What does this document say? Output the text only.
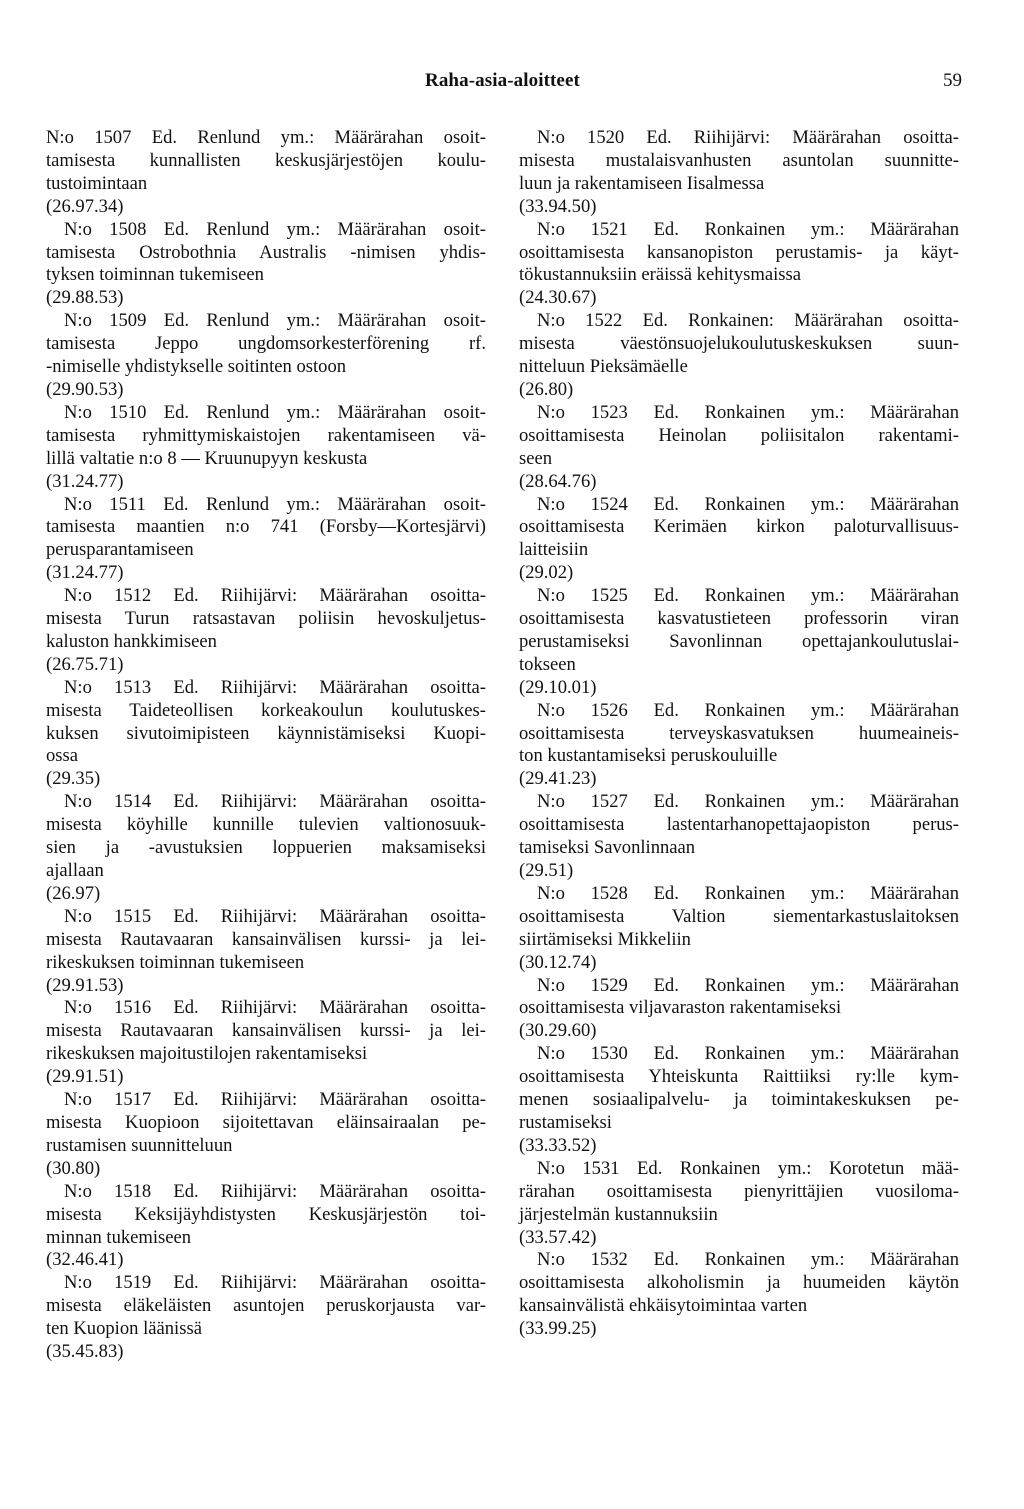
Raha-asia-aloitteet	59
N:o 1507 Ed. Renlund ym.: Määrärahan osoit-
tamisesta kunnallisten keskusjärjestöjen koulu-
tustoimintaan
(26.97.34)
N:o 1508 Ed. Renlund ym.: Määrärahan osoit-
tamisesta Ostrobothnia Australis -nimisen yhdis-
tyksen toiminnan tukemiseen
(29.88.53)
N:o 1509 Ed. Renlund ym.: Määrärahan osoit-
tamisesta Jeppo ungdomsorkesterförening rf.
-nimiselle yhdistykselle soitinten ostoon
(29.90.53)
N:o 1510 Ed. Renlund ym.: Määrärahan osoit-
tamisesta ryhmittymiskaistojen rakentamiseen vä-
lillä valtatie n:o 8 — Kruunupyyn keskusta
(31.24.77)
N:o 1511 Ed. Renlund ym.: Määrärahan osoit-
tamisesta maantien n:o 741 (Forsby—Kortesjärvi)
perusparantamiseen
(31.24.77)
N:o 1512 Ed. Riihijärvi: Määrärahan osoitta-
misesta Turun ratsastavan poliisin hevoskuljetus-
kaluston hankkimiseen
(26.75.71)
N:o 1513 Ed. Riihijärvi: Määrärahan osoitta-
misesta Taideteollisen korkeakoulun koulutuskes-
kuksen sivutoimipisteen käynnistämiseksi Kuopi-
ossa
(29.35)
N:o 1514 Ed. Riihijärvi: Määrärahan osoitta-
misesta köyhille kunnille tulevien valtionosuuk-
sien ja -avustuksien loppuerien maksamiseksi
ajallaan
(26.97)
N:o 1515 Ed. Riihijärvi: Määrärahan osoitta-
misesta Rautavaaran kansainvälisen kurssi- ja lei-
rikeskuksen toiminnan tukemiseen
(29.91.53)
N:o 1516 Ed. Riihijärvi: Määrärahan osoitta-
misesta Rautavaaran kansainvälisen kurssi- ja lei-
rikeskuksen majoitustilojen rakentamiseksi
(29.91.51)
N:o 1517 Ed. Riihijärvi: Määrärahan osoitta-
misesta Kuopioon sijoitettavan eläinsairaalan pe-
rustamisen suunnitteluun
(30.80)
N:o 1518 Ed. Riihijärvi: Määrärahan osoitta-
misesta Keksijäyhdistysten Keskusjärjestön toi-
minnan tukemiseen
(32.46.41)
N:o 1519 Ed. Riihijärvi: Määrärahan osoitta-
misesta eläkeläisten asuntojen peruskorjausta var-
ten Kuopion läänissä
(35.45.83)
N:o 1520 Ed. Riihijärvi: Määrärahan osoitta-
misesta mustalaisvanhusten asuntolan suunnitte-
luun ja rakentamiseen Iisalmessa
(33.94.50)
N:o 1521 Ed. Ronkainen ym.: Määrärahan
osoittamisesta kansanopiston perustamis- ja käyt-
tökustannuksiin eräissä kehitysmaissa
(24.30.67)
N:o 1522 Ed. Ronkainen: Määrärahan osoitta-
misesta väestönsuojelukoulutuskeskuksen suun-
nitteluun Pieksämäelle
(26.80)
N:o 1523 Ed. Ronkainen ym.: Määrärahan
osoittamisesta Heinolan poliisitalon rakentami-
seen
(28.64.76)
N:o 1524 Ed. Ronkainen ym.: Määrärahan
osoittamisesta Kerimäen kirkon paloturvallisuus-
laitteisiin
(29.02)
N:o 1525 Ed. Ronkainen ym.: Määrärahan
osoittamisesta kasvatustieteen professorin viran
perustamiseksi Savonlinnan opettajankoulutuslai-
tokseen
(29.10.01)
N:o 1526 Ed. Ronkainen ym.: Määrärahan
osoittamisesta terveyskasvatuksen huumeaineis-
ton kustantamiseksi peruskouluille
(29.41.23)
N:o 1527 Ed. Ronkainen ym.: Määrärahan
osoittamisesta lastentarhanopettajaopiston perus-
tamiseksi Savonlinnaan
(29.51)
N:o 1528 Ed. Ronkainen ym.: Määrärahan
osoittamisesta Valtion siementarkastuslaitoksen
siirtämiseksi Mikkeliin
(30.12.74)
N:o 1529 Ed. Ronkainen ym.: Määrärahan
osoittamisesta viljavaraston rakentamiseksi
(30.29.60)
N:o 1530 Ed. Ronkainen ym.: Määrärahan
osoittamisesta Yhteiskunta Raittiiksi ry:lle kym-
menen sosiaalipalvelu- ja toimintakeskuksen pe-
rustamiseksi
(33.33.52)
N:o 1531 Ed. Ronkainen ym.: Korotetun mää-
rärahan osoittamisesta pienyrittäjien vuosiloma-
järjestelmän kustannuksiin
(33.57.42)
N:o 1532 Ed. Ronkainen ym.: Määrärahan
osoittamisesta alkoholismin ja huumeiden käytön
kansainvälistä ehkäisytoimintaa varten
(33.99.25)
